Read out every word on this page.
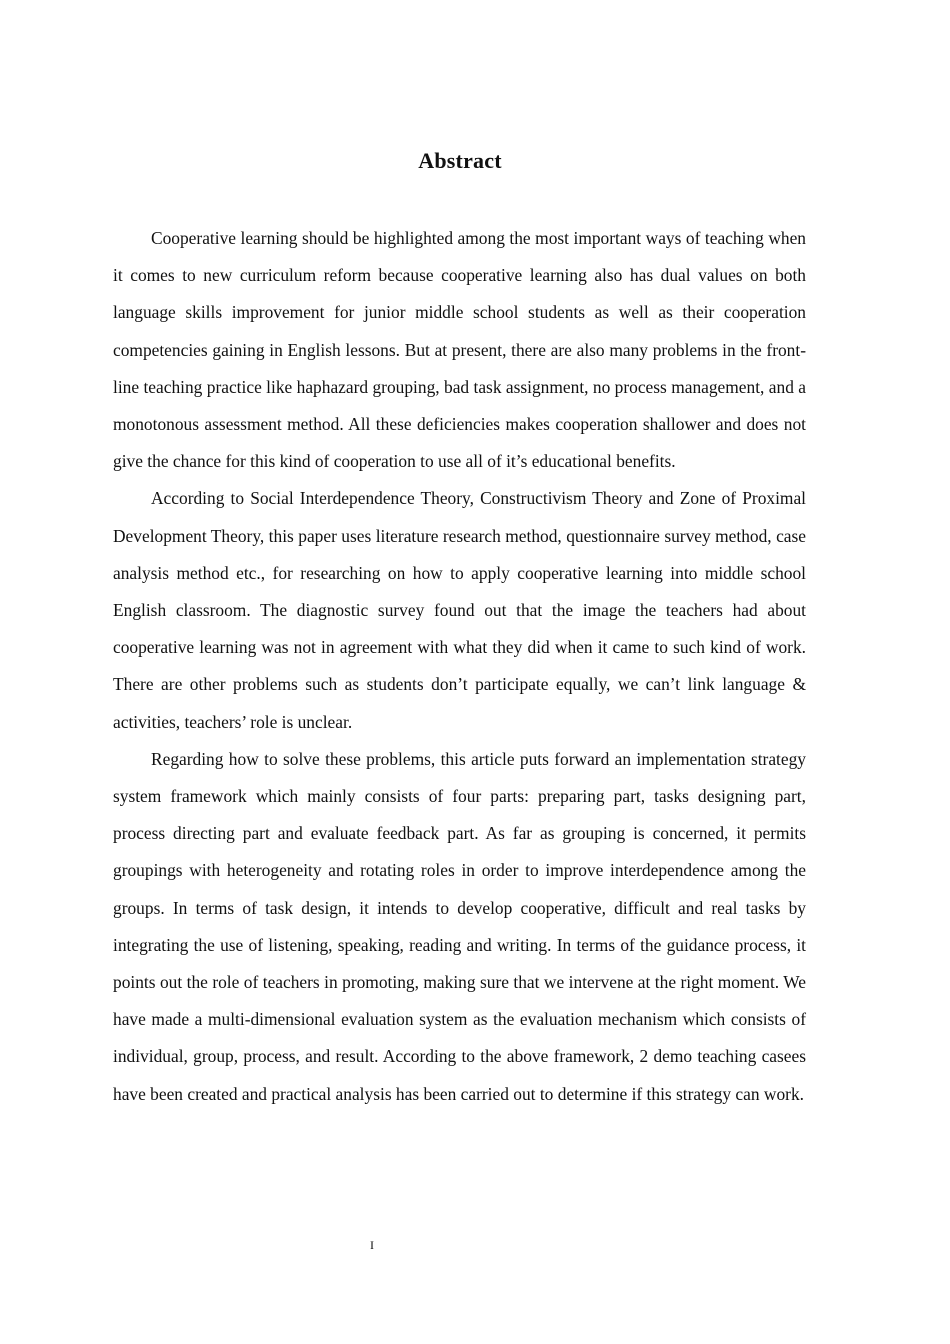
Abstract

Cooperative learning should be highlighted among the most important ways of teaching when it comes to new curriculum reform because cooperative learning also has dual values on both language skills improvement for junior middle school students as well as their cooperation competencies gaining in English lessons. But at present, there are also many problems in the front-line teaching practice like haphazard grouping, bad task assignment, no process management, and a monotonous assessment method. All these deficiencies makes cooperation shallower and does not give the chance for this kind of cooperation to use all of it’s educational benefits.

According to Social Interdependence Theory, Constructivism Theory and Zone of Proximal Development Theory, this paper uses literature research method, questionnaire survey method, case analysis method etc., for researching on how to apply cooperative learning into middle school English classroom. The diagnostic survey found out that the image the teachers had about cooperative learning was not in agreement with what they did when it came to such kind of work. There are other problems such as students don’t participate equally, we can’t link language & activities, teachers’ role is unclear.

Regarding how to solve these problems, this article puts forward an implementation strategy system framework which mainly consists of four parts: preparing part, tasks designing part, process directing part and evaluate feedback part. As far as grouping is concerned, it permits groupings with heterogeneity and rotating roles in order to improve interdependence among the groups. In terms of task design, it intends to develop cooperative, difficult and real tasks by integrating the use of listening, speaking, reading and writing. In terms of the guidance process, it points out the role of teachers in promoting, making sure that we intervene at the right moment. We have made a multi-dimensional evaluation system as the evaluation mechanism which consists of individual, group, process, and result. According to the above framework, 2 demo teaching casees have been created and practical analysis has been carried out to determine if this strategy can work.

I
